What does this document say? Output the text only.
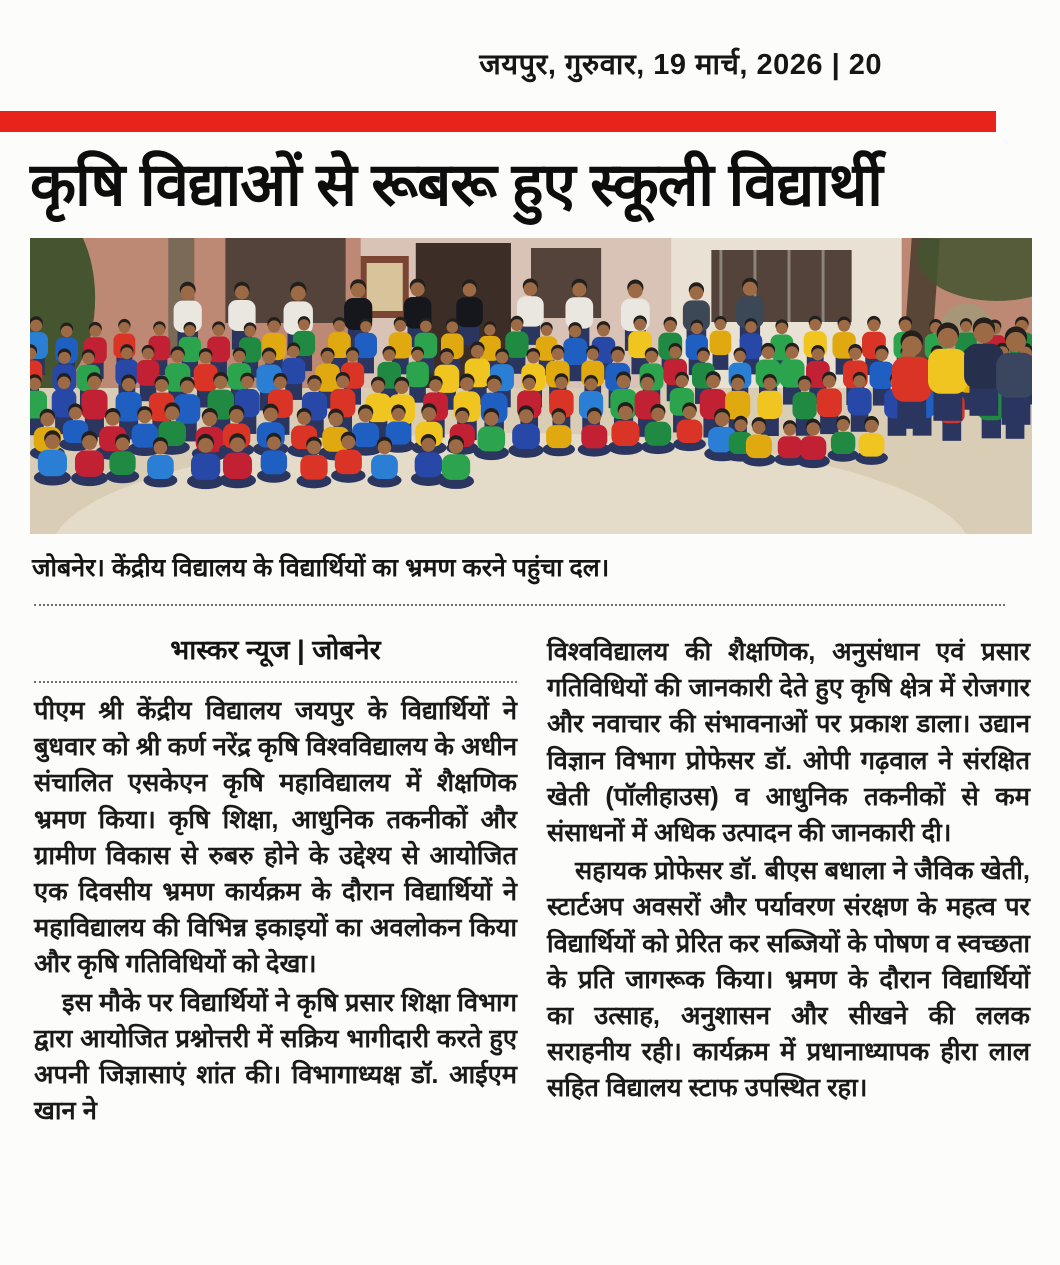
जयपुर, गुरुवार, 19 मार्च, 2026 | 20
कृषि विद्याओं से रूबरू हुए स्कूली विद्यार्थी
जोबनेर। केंद्रीय विद्यालय के विद्यार्थियों का भ्रमण करने पहुंचा दल।
भास्कर न्यूज | जोबनेर

पीएम श्री केंद्रीय विद्यालय जयपुर के विद्यार्थियों ने बुधवार को श्री कर्ण नरेंद्र कृषि विश्वविद्यालय के अधीन संचालित एसकेएन कृषि महाविद्यालय में शैक्षणिक भ्रमण किया। कृषि शिक्षा, आधुनिक तकनीकों और ग्रामीण विकास से रुबरु होने के उद्देश्य से आयोजित एक दिवसीय भ्रमण कार्यक्रम के दौरान विद्यार्थियों ने महाविद्यालय की विभिन्न इकाइयों का अवलोकन किया और कृषि गतिविधियों को देखा।

इस मौके पर विद्यार्थियों ने कृषि प्रसार शिक्षा विभाग द्वारा आयोजित प्रश्नोत्तरी में सक्रिय भागीदारी करते हुए अपनी जिज्ञासाएं शांत की। विभागाध्यक्ष डॉ. आईएम खान ने

विश्वविद्यालय की शैक्षणिक, अनुसंधान एवं प्रसार गतिविधियों की जानकारी देते हुए कृषि क्षेत्र में रोजगार और नवाचार की संभावनाओं पर प्रकाश डाला। उद्यान विज्ञान विभाग प्रोफेसर डॉ. ओपी गढ़वाल ने संरक्षित खेती (पॉलीहाउस) व आधुनिक तकनीकों से कम संसाधनों में अधिक उत्पादन की जानकारी दी।

सहायक प्रोफेसर डॉ. बीएस बधाला ने जैविक खेती, स्टार्टअप अवसरों और पर्यावरण संरक्षण के महत्व पर विद्यार्थियों को प्रेरित कर सब्जियों के पोषण व स्वच्छता के प्रति जागरूक किया। भ्रमण के दौरान विद्यार्थियों का उत्साह, अनुशासन और सीखने की ललक सराहनीय रही। कार्यक्रम में प्रधानाध्यापक हीरा लाल सहित विद्यालय स्टाफ उपस्थित रहा।
